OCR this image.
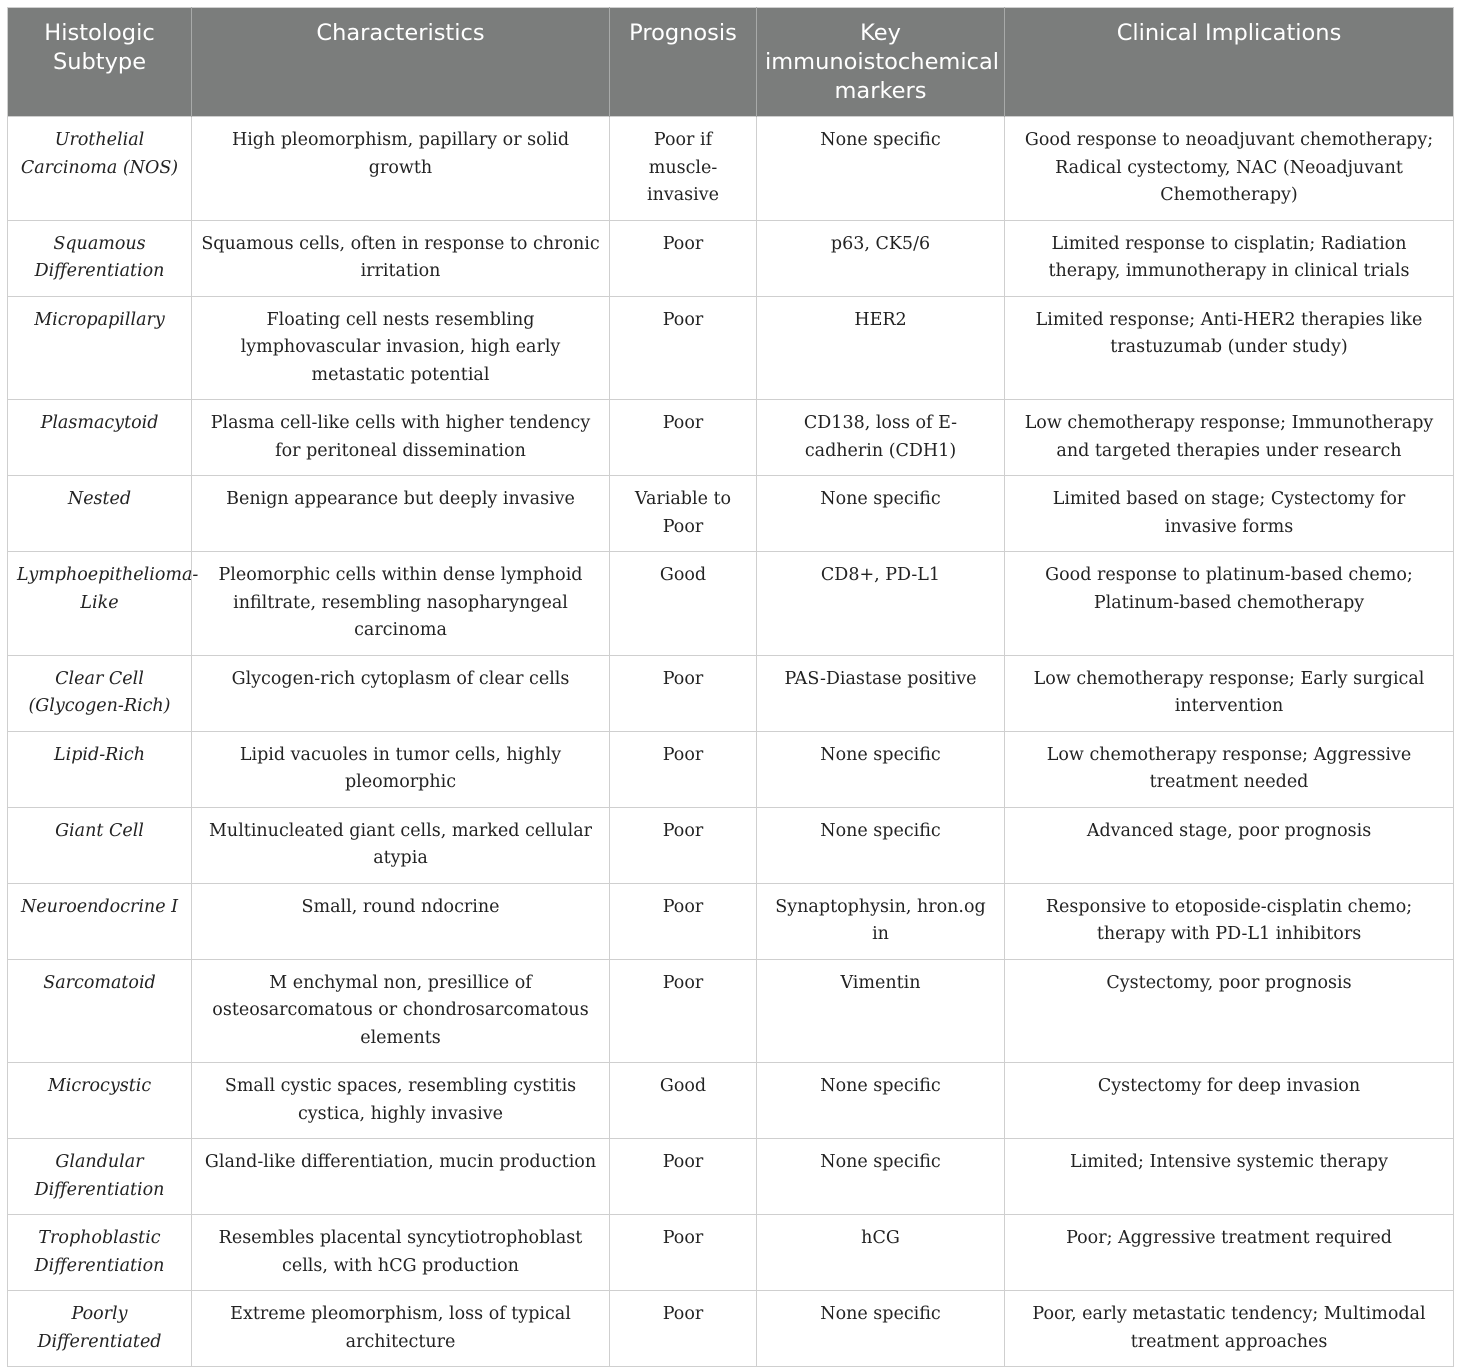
Histologic Subtype	Characteristics	Prognosis	Key immunoistochemical markers	Clinical Implications
Urothelial Carcinoma (NOS)	High pleomorphism, papillary or solid growth	Poor if muscle-invasive	None specific	Good response to neoadjuvant chemotherapy; Radical cystectomy, NAC (Neoadjuvant Chemotherapy)
Squamous Differentiation	Squamous cells, often in response to chronic irritation	Poor	p63, CK5/6	Limited response to cisplatin; Radiation therapy, immunotherapy in clinical trials
Micropapillary	Floating cell nests resembling lymphovascular invasion, high early metastatic potential	Poor	HER2	Limited response; Anti-HER2 therapies like trastuzumab (under study)
Plasmacytoid	Plasma cell-like cells with higher tendency for peritoneal dissemination	Poor	CD138, loss of E-cadherin (CDH1)	Low chemotherapy response; Immunotherapy and targeted therapies under research
Nested	Benign appearance but deeply invasive	Variable to Poor	None specific	Limited based on stage; Cystectomy for invasive forms
Lymphoepithelioma-Like	Pleomorphic cells within dense lymphoid infiltrate, resembling nasopharyngeal carcinoma	Good	CD8+, PD-L1	Good response to platinum-based chemo; Platinum-based chemotherapy
Clear Cell (Glycogen-Rich)	Glycogen-rich cytoplasm of clear cells	Poor	PAS-Diastase positive	Low chemotherapy response; Early surgical intervention
Lipid-Rich	Lipid vacuoles in tumor cells, highly pleomorphic	Poor	None specific	Low chemotherapy response; Aggressive treatment needed
Giant Cell	Multinucleated giant cells, marked cellular atypia	Poor	None specific	Advanced stage, poor prognosis
Neuroendocrine I	Small, round ndocrine	Poor	Synaptophysin, hron.og in	Responsive to etoposide-cisplatin chemo; therapy with PD-L1 inhibitors
Sarcomatoid	M enchymal non, presillice of osteosarcomatous or chondrosarcomatous elements	Poor	Vimentin	Cystectomy, poor prognosis
Microcystic	Small cystic spaces, resembling cystitis cystica, highly invasive	Good	None specific	Cystectomy for deep invasion
Glandular Differentiation	Gland-like differentiation, mucin production	Poor	None specific	Limited; Intensive systemic therapy
Trophoblastic Differentiation	Resembles placental syncytiotrophoblast cells, with hCG production	Poor	hCG	Poor; Aggressive treatment required
Poorly Differentiated	Extreme pleomorphism, loss of typical architecture	Poor	None specific	Poor, early metastatic tendency; Multimodal treatment approaches
